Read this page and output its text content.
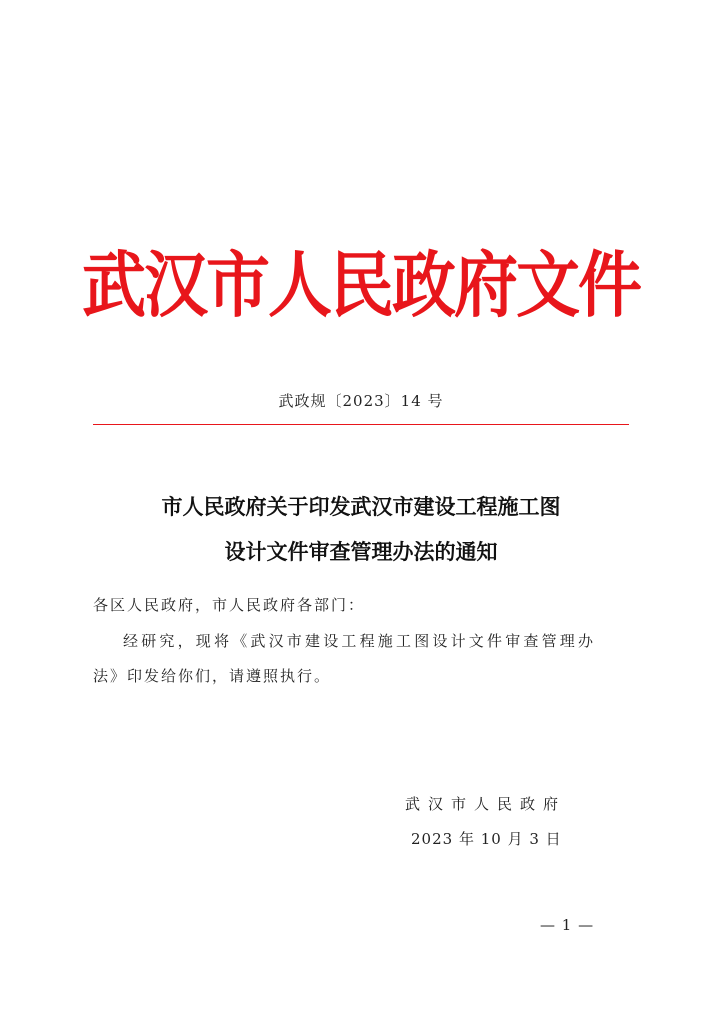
武汉市人民政府文件
武政规〔2023〕14 号
市人民政府关于印发武汉市建设工程施工图
设计文件审查管理办法的通知
各区人民政府，市人民政府各部门：
经研究，现将《武汉市建设工程施工图设计文件审查管理办
法》印发给你们，请遵照执行。
武汉市人民政府
2023 年 10 月 3 日
— 1 —
